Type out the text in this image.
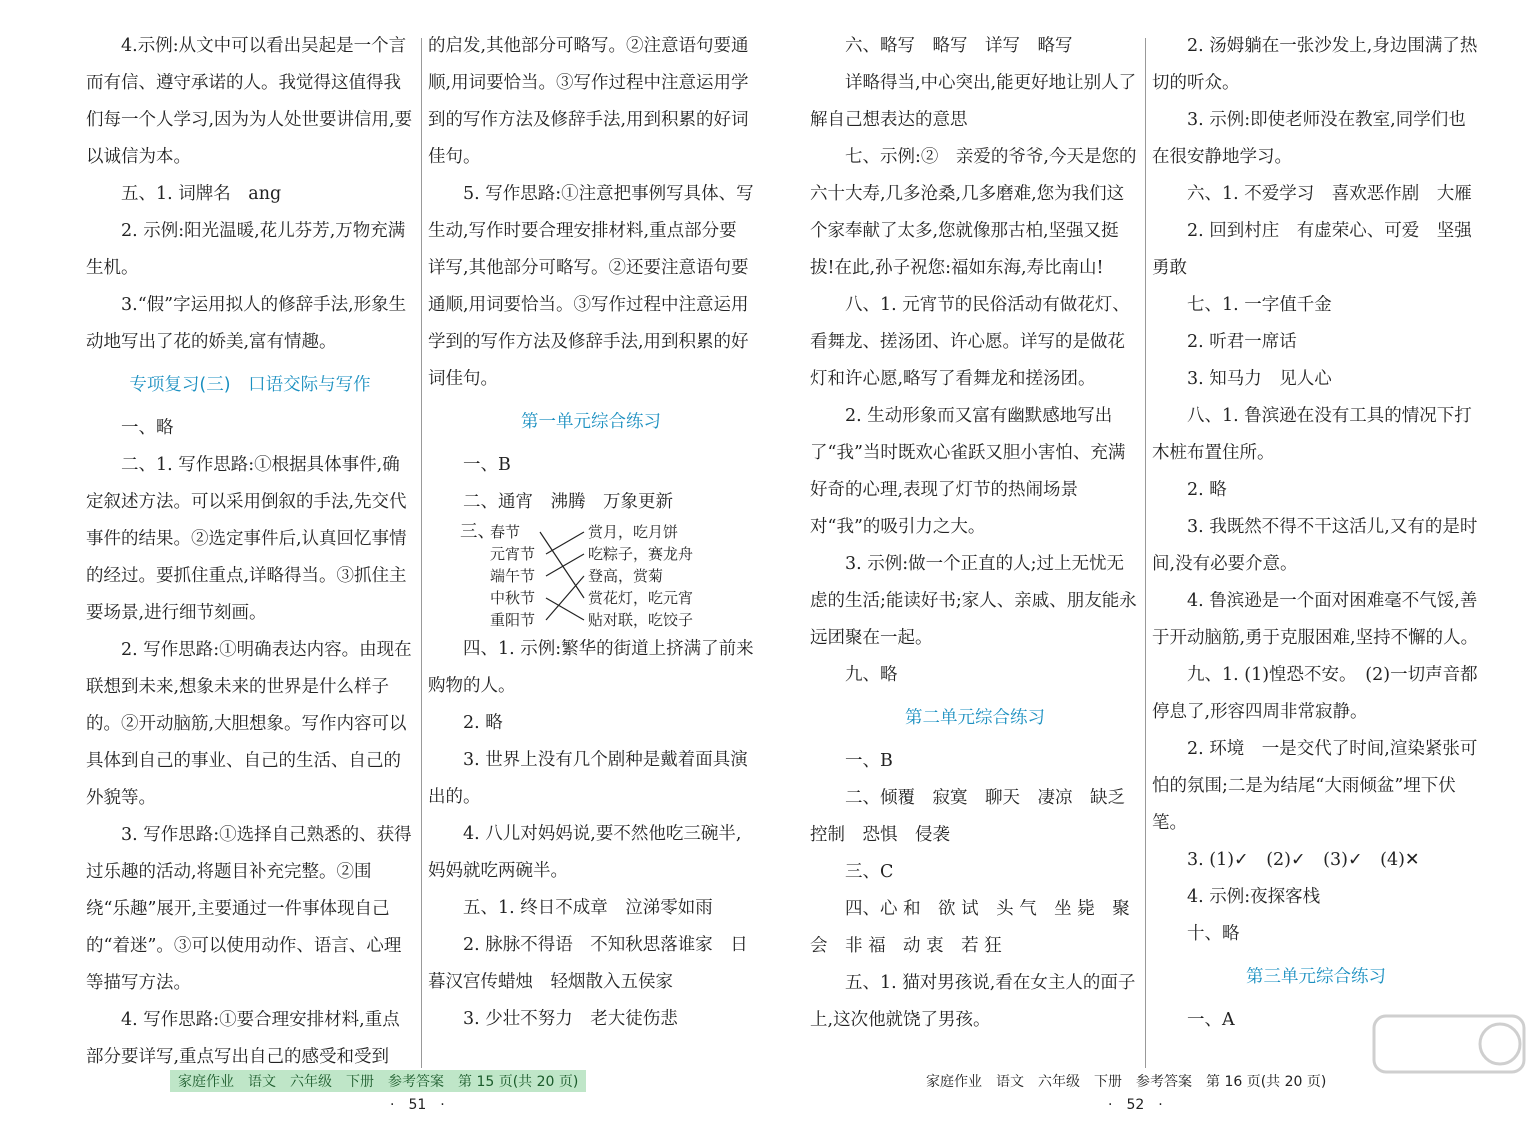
4.示例:从文中可以看出吴起是一个言而有信、遵守承诺的人。我觉得这值得我们每一个人学习,因为为人处世要讲信用,要以诚信为本。

五、1. 词牌名　ang

2. 示例:阳光温暖,花儿芬芳,万物充满生机。

3.“假”字运用拟人的修辞手法,形象生动地写出了花的娇美,富有情趣。

专项复习(三)　口语交际与写作

一、略

二、1. 写作思路:①根据具体事件,确定叙述方法。可以采用倒叙的手法,先交代事件的结果。②选定事件后,认真回忆事情的经过。要抓住重点,详略得当。③抓住主要场景,进行细节刻画。

2. 写作思路:①明确表达内容。由现在联想到未来,想象未来的世界是什么样子的。②开动脑筋,大胆想象。写作内容可以具体到自己的事业、自己的生活、自己的外貌等。

3. 写作思路:①选择自己熟悉的、获得过乐趣的活动,将题目补充完整。②围绕“乐趣”展开,主要通过一件事体现自己的“着迷”。③可以使用动作、语言、心理等描写方法。

4. 写作思路:①要合理安排材料,重点部分要详写,重点写出自己的感受和受到

的启发,其他部分可略写。②注意语句要通顺,用词要恰当。③写作过程中注意运用学到的写作方法及修辞手法,用到积累的好词佳句。

5. 写作思路:①注意把事例写具体、写生动,写作时要合理安排材料,重点部分要详写,其他部分可略写。②还要注意语句要通顺,用词要恰当。③写作过程中注意运用学到的写作方法及修辞手法,用到积累的好词佳句。

第一单元综合练习

一、B

二、通宵　沸腾　万象更新

三、
春节
元宵节
端午节
中秋节
重阳节
赏月，吃月饼
吃粽子，赛龙舟
登高，赏菊
赏花灯，吃元宵
贴对联，吃饺子

四、1. 示例:繁华的街道上挤满了前来购物的人。

2. 略

3. 世界上没有几个剧种是戴着面具演出的。

4. 八儿对妈妈说,要不然他吃三碗半,妈妈就吃两碗半。

五、1. 终日不成章　泣涕零如雨

2. 脉脉不得语　不知秋思落谁家　日暮汉宫传蜡烛　轻烟散入五侯家

3. 少壮不努力　老大徒伤悲

家庭作业　语文　六年级　下册　参考答案　第 15 页(共 20 页)
·　51　·

六、略写　略写　详写　略写

详略得当,中心突出,能更好地让别人了解自己想表达的意思

七、示例:②　亲爱的爷爷,今天是您的六十大寿,几多沧桑,几多磨难,您为我们这个家奉献了太多,您就像那古柏,坚强又挺拔!在此,孙子祝您:福如东海,寿比南山!

八、1. 元宵节的民俗活动有做花灯、看舞龙、搓汤团、许心愿。详写的是做花灯和许心愿,略写了看舞龙和搓汤团。

2. 生动形象而又富有幽默感地写出了“我”当时既欢心雀跃又胆小害怕、充满好奇的心理,表现了灯节的热闹场景对“我”的吸引力之大。

3. 示例:做一个正直的人;过上无忧无虑的生活;能读好书;家人、亲戚、朋友能永远团聚在一起。

九、略

第二单元综合练习

一、B

二、倾覆　寂寞　聊天　凄凉　缺乏　控制　恐惧　侵袭

三、C

四、心 和　欲 试　头 气　坐 毙　聚 会　非 福　动 衷　若 狂

五、1. 猫对男孩说,看在女主人的面子上,这次他就饶了男孩。

2. 汤姆躺在一张沙发上,身边围满了热切的听众。

3. 示例:即使老师没在教室,同学们也在很安静地学习。

六、1. 不爱学习　喜欢恶作剧　大雁

2. 回到村庄　有虚荣心、可爱　坚强勇敢

七、1. 一字值千金

2. 听君一席话

3. 知马力　见人心

八、1. 鲁滨逊在没有工具的情况下打木桩布置住所。

2. 略

3. 我既然不得不干这活儿,又有的是时间,没有必要介意。

4. 鲁滨逊是一个面对困难毫不气馁,善于开动脑筋,勇于克服困难,坚持不懈的人。

九、1. (1)惶恐不安。　(2)一切声音都停息了,形容四周非常寂静。

2. 环境　一是交代了时间,渲染紧张可怕的氛围;二是为结尾“大雨倾盆”埋下伏笔。

3. (1)✓　(2)✓　(3)✓　(4)✕

4. 示例:夜探客栈

十、略

第三单元综合练习

一、A

家庭作业　语文　六年级　下册　参考答案　第 16 页(共 20 页)
·　52　·
